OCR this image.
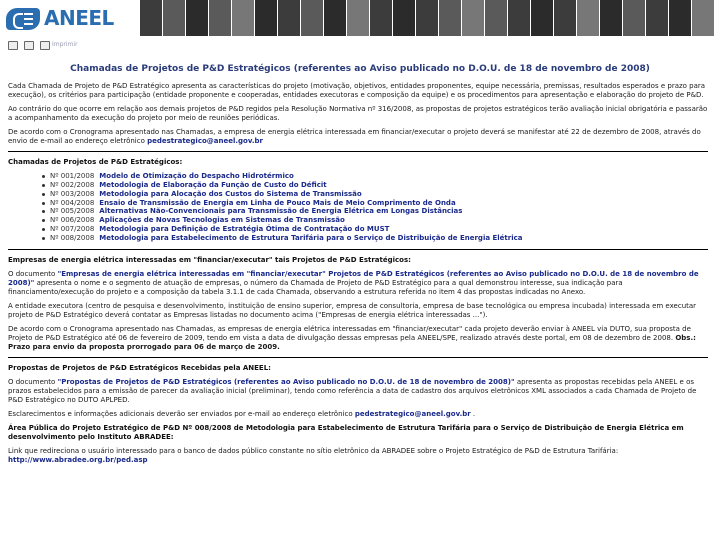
ANEEL
Imprimir
Chamadas de Projetos de P&D Estratégicos (referentes ao Aviso publicado no D.O.U. de 18 de novembro de 2008)

Cada Chamada de Projeto de P&D Estratégico apresenta as características do projeto (motivação, objetivos, entidades proponentes, equipe necessária, premissas, resultados esperados e prazo para execução), os critérios para participação (entidade proponente e cooperadas, entidades executoras e composição da equipe) e os procedimentos para apresentação e elaboração do projeto de P&D.

Ao contrário do que ocorre em relação aos demais projetos de P&D regidos pela Resolução Normativa nº 316/2008, as propostas de projetos estratégicos terão avaliação inicial obrigatória e passarão a acompanhamento da execução do projeto por meio de reuniões periódicas.

De acordo com o Cronograma apresentado nas Chamadas, a empresa de energia elétrica interessada em financiar/executar o projeto deverá se manifestar até 22 de dezembro de 2008, através do envio de e-mail ao endereço eletrônico pedestrategico@aneel.gov.br

Chamadas de Projetos de P&D Estratégicos:

Nº 001/2008 Modelo de Otimização do Despacho Hidrotérmico
Nº 002/2008 Metodologia de Elaboração da Função de Custo do Déficit
Nº 003/2008 Metodologia para Alocação dos Custos do Sistema de Transmissão
Nº 004/2008 Ensaio de Transmissão de Energia em Linha de Pouco Mais de Meio Comprimento de Onda
Nº 005/2008 Alternativas Não-Convencionais para Transmissão de Energia Elétrica em Longas Distâncias
Nº 006/2008 Aplicações de Novas Tecnologias em Sistemas de Transmissão
Nº 007/2008 Metodologia para Definição de Estratégia Ótima de Contratação do MUST
Nº 008/2008 Metodologia para Estabelecimento de Estrutura Tarifária para o Serviço de Distribuição de Energia Elétrica

Empresas de energia elétrica interessadas em "financiar/executar" tais Projetos de P&D Estratégicos:

O documento "Empresas de energia elétrica interessadas em "financiar/executar" Projetos de P&D Estratégicos (referentes ao Aviso publicado no D.O.U. de 18 de novembro de 2008)" apresenta o nome e o segmento de atuação de empresas, o número da Chamada de Projeto de P&D Estratégico para a qual demonstrou interesse, sua indicação para financiamento/execução do projeto e a composição da tabela 3.1.1 de cada Chamada, observando a estrutura referida no item 4 das propostas indicadas no Anexo.

A entidade executora (centro de pesquisa e desenvolvimento, instituição de ensino superior, empresa de consultoria, empresa de base tecnológica ou empresa incubada) interessada em executar projeto de P&D Estratégico deverá contatar as Empresas listadas no documento acima ("Empresas de energia elétrica interessadas ...").

De acordo com o Cronograma apresentado nas Chamadas, as empresas de energia elétrica interessadas em "financiar/executar" cada projeto deverão enviar à ANEEL via DUTO, sua proposta de Projeto de P&D Estratégico até 06 de fevereiro de 2009, tendo em vista a data de divulgação dessas empresas pela ANEEL/SPE, realizado através deste portal, em 08 de dezembro de 2008. Obs.: Prazo para envio da proposta prorrogado para 06 de março de 2009.

Propostas de Projetos de P&D Estratégicos Recebidas pela ANEEL:

O documento "Propostas de Projetos de P&D Estratégicos (referentes ao Aviso publicado no D.O.U. de 18 de novembro de 2008)" apresenta as propostas recebidas pela ANEEL e os prazos estabelecidos para a emissão de parecer da avaliação inicial (preliminar), tendo como referência a data de cadastro dos arquivos eletrônicos XML associados a cada Chamada de Projeto de P&D Estratégico no DUTO APLPED.

Esclarecimentos e informações adicionais deverão ser enviados por e-mail ao endereço eletrônico pedestrategico@aneel.gov.br .

Área Pública do Projeto Estratégico de P&D Nº 008/2008 de Metodologia para Estabelecimento de Estrutura Tarifária para o Serviço de Distribuição de Energia Elétrica em desenvolvimento pelo Instituto ABRADEE:

Link que redireciona o usuário interessado para o banco de dados público constante no sítio eletrônico da ABRADEE sobre o Projeto Estratégico de P&D de Estrutura Tarifária: http://www.abradee.org.br/ped.asp
